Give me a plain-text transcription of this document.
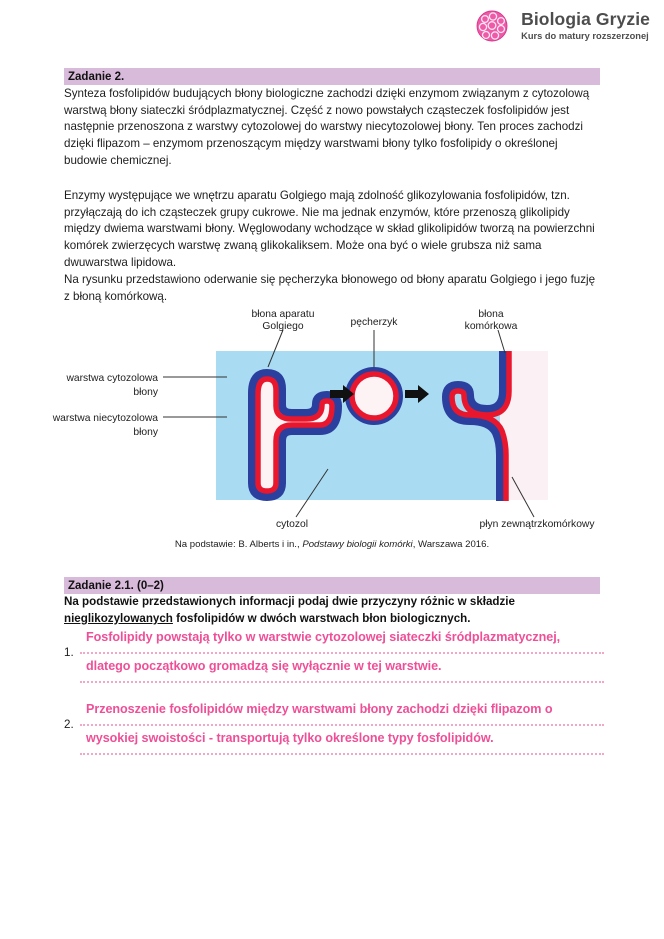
Biologia Gryzie
Kurs do matury rozszerzonej
Zadanie 2.
Synteza fosfolipidów budujących błony biologiczne zachodzi dzięki enzymom związanym z cytozolową warstwą błony siateczki śródplazmatycznej. Część z nowo powstałych cząsteczek fosfolipidów jest następnie przenoszona z warstwy cytozolowej do warstwy niecytozolowej błony. Ten proces zachodzi dzięki flipazom – enzymom przenoszącym między warstwami błony tylko fosfolipidy o określonej budowie chemicznej.
Enzymy występujące we wnętrzu aparatu Golgiego mają zdolność glikozylowania fosfolipidów, tzn. przyłączają do ich cząsteczek grupy cukrowe. Nie ma jednak enzymów, które przenoszą glikolipidy między dwiema warstwami błony. Węglowodany wchodzące w skład glikolipidów tworzą na powierzchni komórek zwierzęcych warstwę zwaną glikokaliksem. Może ona być o wiele grubsza niż sama dwuwarstwa lipidowa.
Na rysunku przedstawiono oderwanie się pęcherzyka błonowego od błony aparatu Golgiego i jego fuzję z błoną komórkową.
błona aparatu
Golgiego	pęcherzyk
błona
komórkowa
warstwa cytozolowa
błony
warstwa niecytozolowa
błony
cytozol	płyn zewnątrzkomórkowy
Na podstawie: B. Alberts i in., Podstawy biologii komórki, Warszawa 2016.
Zadanie 2.1. (0–2)
Na podstawie przedstawionych informacji podaj dwie przyczyny różnic w składzie nieglikozylowanych fosfolipidów w dwóch warstwach błon biologicznych.
1.
Fosfolipidy powstają tylko w warstwie cytozolowej siateczki śródplazmatycznej,
dlatego początkowo gromadzą się wyłącznie w tej warstwie.
2.
Przenoszenie fosfolipidów między warstwami błony zachodzi dzięki flipazom o
wysokiej swoistości - transportują tylko określone typy fosfolipidów.
